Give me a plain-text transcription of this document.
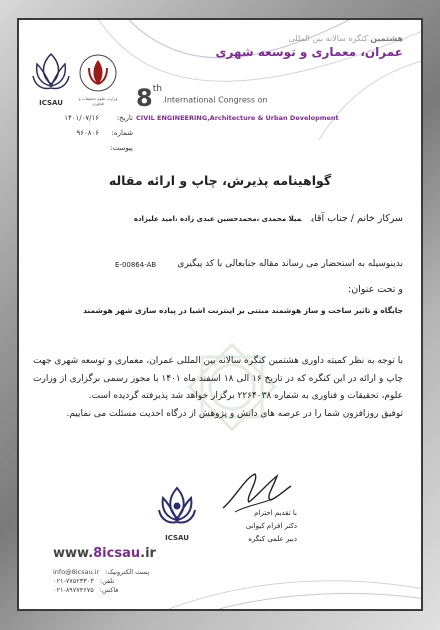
ICSAU
وزارت علوم تحقیقات و فناوری
هشتمین کنگره سالانه بین المللی
عمران، معماری و توسعه شهری
8th.International Congress on
CIVIL ENGINEERING,Architecture & Urban Development
تاریخ:
۱۴۰۱/۰۷/۱۶
شماره:
۹۶۰۸۰۶
پیوست:
گواهینامه پذیرش، چاپ و ارائه مقاله
سرکار خانم / جناب آقایمیلا محمدی ،محمدحسین عبدی زاده ،امید علیزاده
بدینوسیله به استحضار می رساند مقاله جنابعالی با کد پیگیری
E-00864-AB
و تحت عنوان:
جایگاه و تاثیر ساخت و ساز هوشمند مبتنی بر اینترنت اشیا در پیاده سازی شهر هوشمند
با توجه به نظر کمیته داوری هشتمین کنگره سالانه بین المللی عمران، معماری و توسعه شهری جهت چاپ و ارائه در این کنگره که در تاریخ ۱۶ الی ۱۸ اسفند ماه ۱۴۰۱ با مجوز رسمی برگزاری از وزارت علوم، تحقیقات و فناوری به شماره ۲۲۶۴۰۳۸ برگزار خواهد شد پذیرفته گردیده است.
توفیق روزافزون شما را در عرصه های دانش و پژوهش از درگاه احدیت مسئلت می نماییم.
ICSAU
با تقدیم احترام
دکتر افرام کیوانی
دبیر علمی کنگره
www.8icsau.ir
info@8icsau.ir پست الکترونیک:
۰۲۱-۷۷۵۲۳۳۰۳ تلفن:
۰۲۱-۸۹۷۷۴۶۷۵ فاکس:
